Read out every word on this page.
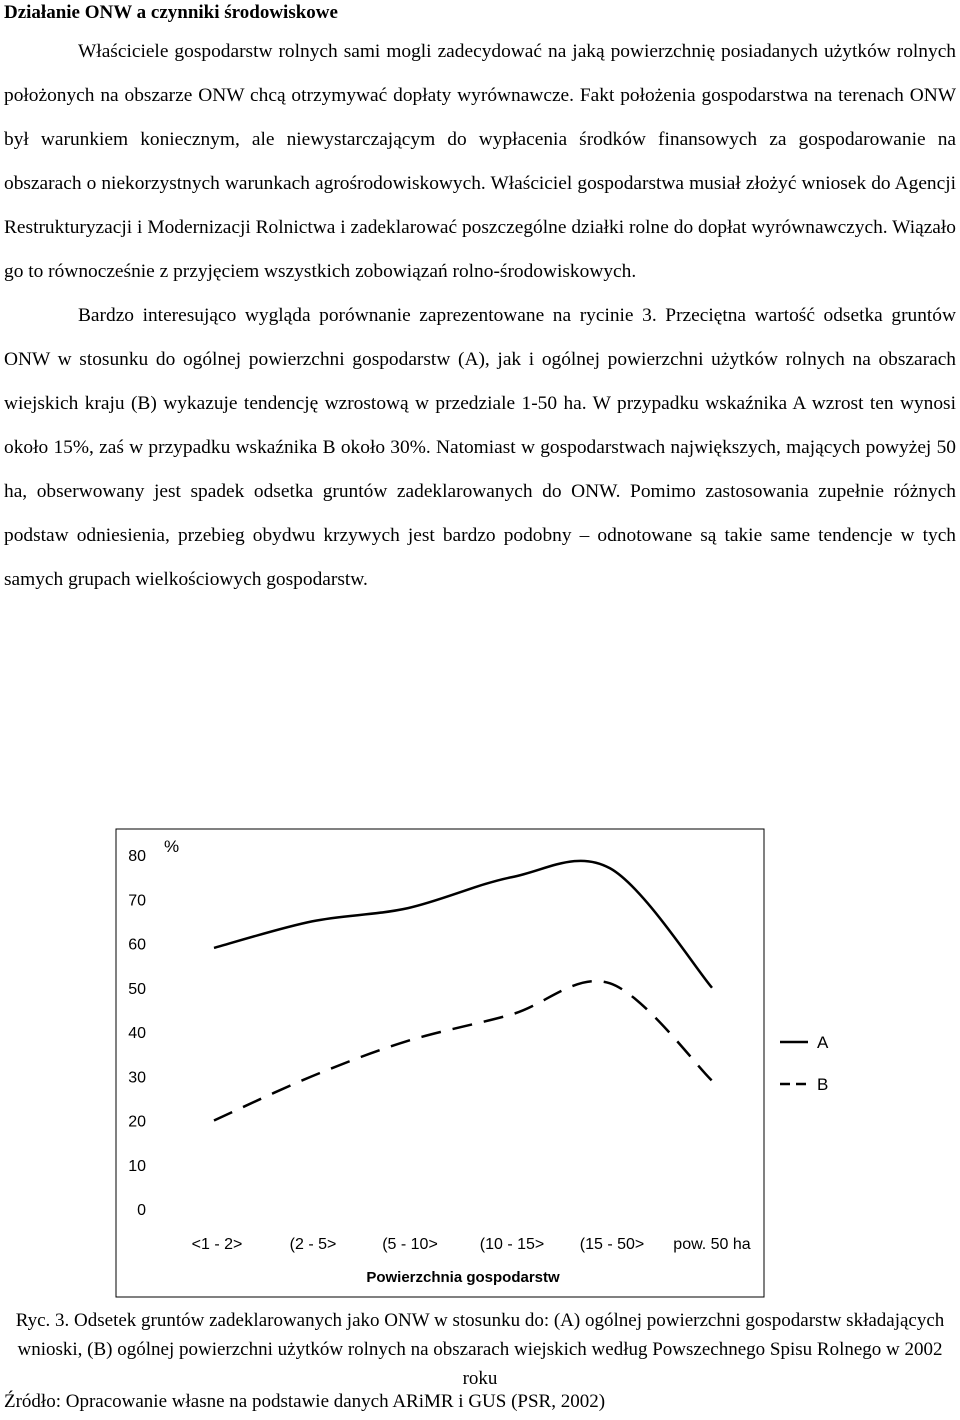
Działanie ONW a czynniki środowiskowe

Właściciele gospodarstw rolnych sami mogli zadecydować na jaką powierzchnię posiadanych użytków rolnych położonych na obszarze ONW chcą otrzymywać dopłaty wyrównawcze. Fakt położenia gospodarstwa na terenach ONW był warunkiem koniecznym, ale niewystarczającym do wypłacenia środków finansowych za gospodarowanie na obszarach o niekorzystnych warunkach agrośrodowiskowych. Właściciel gospodarstwa musiał złożyć wniosek do Agencji Restrukturyzacji i Modernizacji Rolnictwa i zadeklarować poszczególne działki rolne do dopłat wyrównawczych. Wiązało go to równocześnie z przyjęciem wszystkich zobowiązań rolno-środowiskowych.

Bardzo interesująco wygląda porównanie zaprezentowane na rycinie 3. Przeciętna wartość odsetka gruntów ONW w stosunku do ogólnej powierzchni gospodarstw (A), jak i ogólnej powierzchni użytków rolnych na obszarach wiejskich kraju (B) wykazuje tendencję wzrostową w przedziale 1-50 ha. W przypadku wskaźnika A wzrost ten wynosi około 15%, zaś w przypadku wskaźnika B około 30%. Natomiast w gospodarstwach największych, mających powyżej 50 ha, obserwowany jest spadek odsetka gruntów zadeklarowanych do ONW. Pomimo zastosowania zupełnie różnych podstaw odniesienia, przebieg obydwu krzywych jest bardzo podobny – odnotowane są takie same tendencje w tych samych grupach wielkościowych gospodarstw.

0
10
20
30
40
50
60
70
80
%
<1 - 2>	(2 - 5>	(5 - 10>	(10 - 15> (15 - 50> pow. 50 ha
Powierzchnia gospodarstw
A
B

Ryc. 3. Odsetek gruntów zadeklarowanych jako ONW w stosunku do: (A) ogólnej powierzchni gospodarstw składających wnioski, (B) ogólnej powierzchni użytków rolnych na obszarach wiejskich według Powszechnego Spisu Rolnego w 2002 roku

Źródło: Opracowanie własne na podstawie danych ARiMR i GUS (PSR, 2002)
